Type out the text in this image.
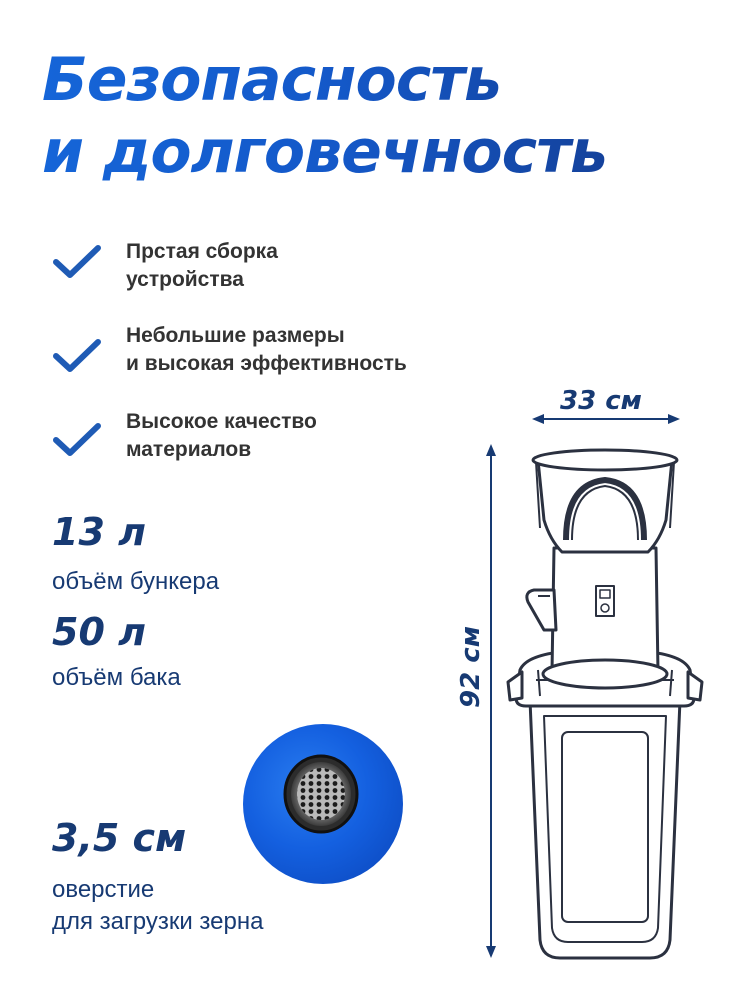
Безопасность
и долговечность
Прстая сборка
устройства
Небольшие размеры
и высокая эффективность
Высокое качество
материалов
13 л
объём бункера
50 л
объём бака
3,5 см
оверстие
для загрузки зерна
33 см
92 см
